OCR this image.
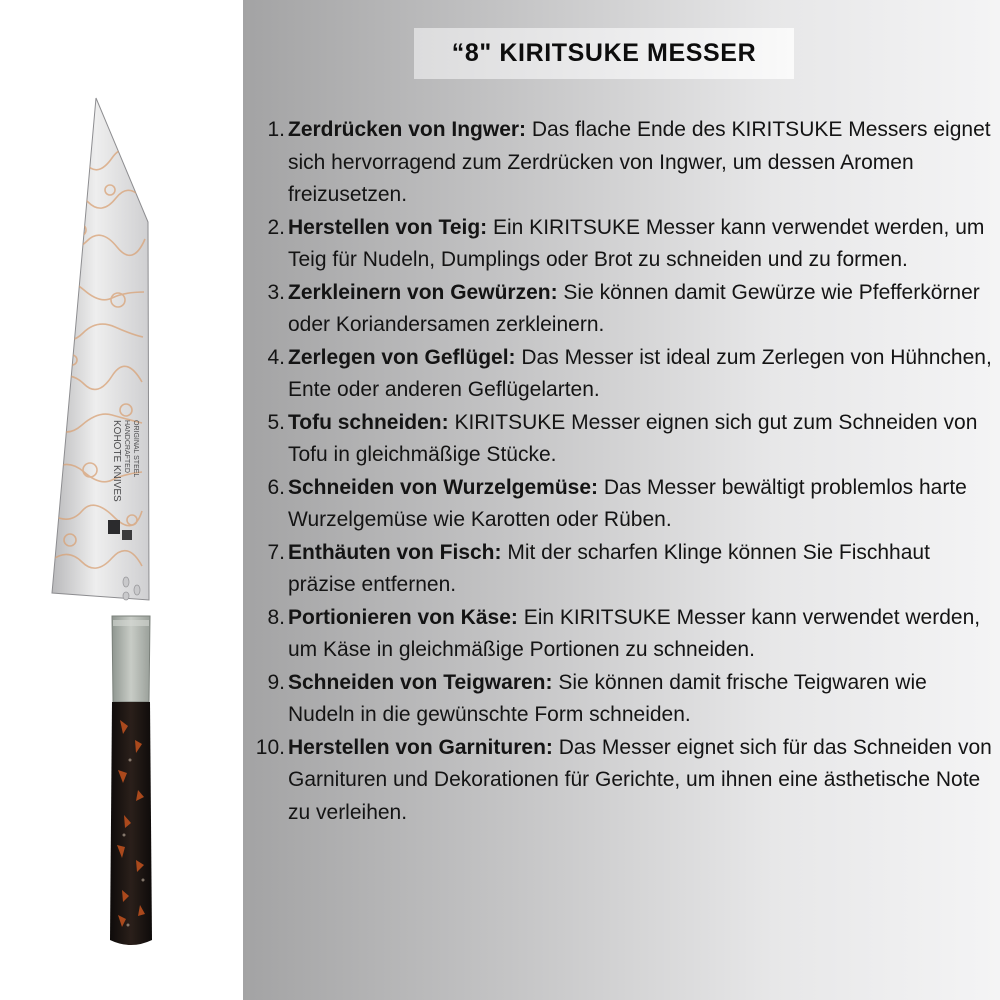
ORIGINAL STEEL
HANDCRAFTED
KOHOTE KNIVES
“8" KIRITSUKE MESSER
1. Zerdrücken von Ingwer: Das flache Ende des KIRITSUKE Messers eignet sich hervorragend zum Zerdrücken von Ingwer, um dessen Aromen freizusetzen.
2. Herstellen von Teig: Ein KIRITSUKE Messer kann verwendet werden, um Teig für Nudeln, Dumplings oder Brot zu schneiden und zu formen.
3. Zerkleinern von Gewürzen: Sie können damit Gewürze wie Pfefferkörner oder Koriandersamen zerkleinern.
4. Zerlegen von Geflügel: Das Messer ist ideal zum Zerlegen von Hühnchen, Ente oder anderen Geflügelarten.
5. Tofu schneiden: KIRITSUKE Messer eignen sich gut zum Schneiden von Tofu in gleichmäßige Stücke.
6. Schneiden von Wurzelgemüse: Das Messer bewältigt problemlos harte Wurzelgemüse wie Karotten oder Rüben.
7. Enthäuten von Fisch: Mit der scharfen Klinge können Sie Fischhaut präzise entfernen.
8. Portionieren von Käse: Ein KIRITSUKE Messer kann verwendet werden, um Käse in gleichmäßige Portionen zu schneiden.
9. Schneiden von Teigwaren: Sie können damit frische Teigwaren wie Nudeln in die gewünschte Form schneiden.
10. Herstellen von Garnituren: Das Messer eignet sich für das Schneiden von Garnituren und Dekorationen für Gerichte, um ihnen eine ästhetische Note zu verleihen.
